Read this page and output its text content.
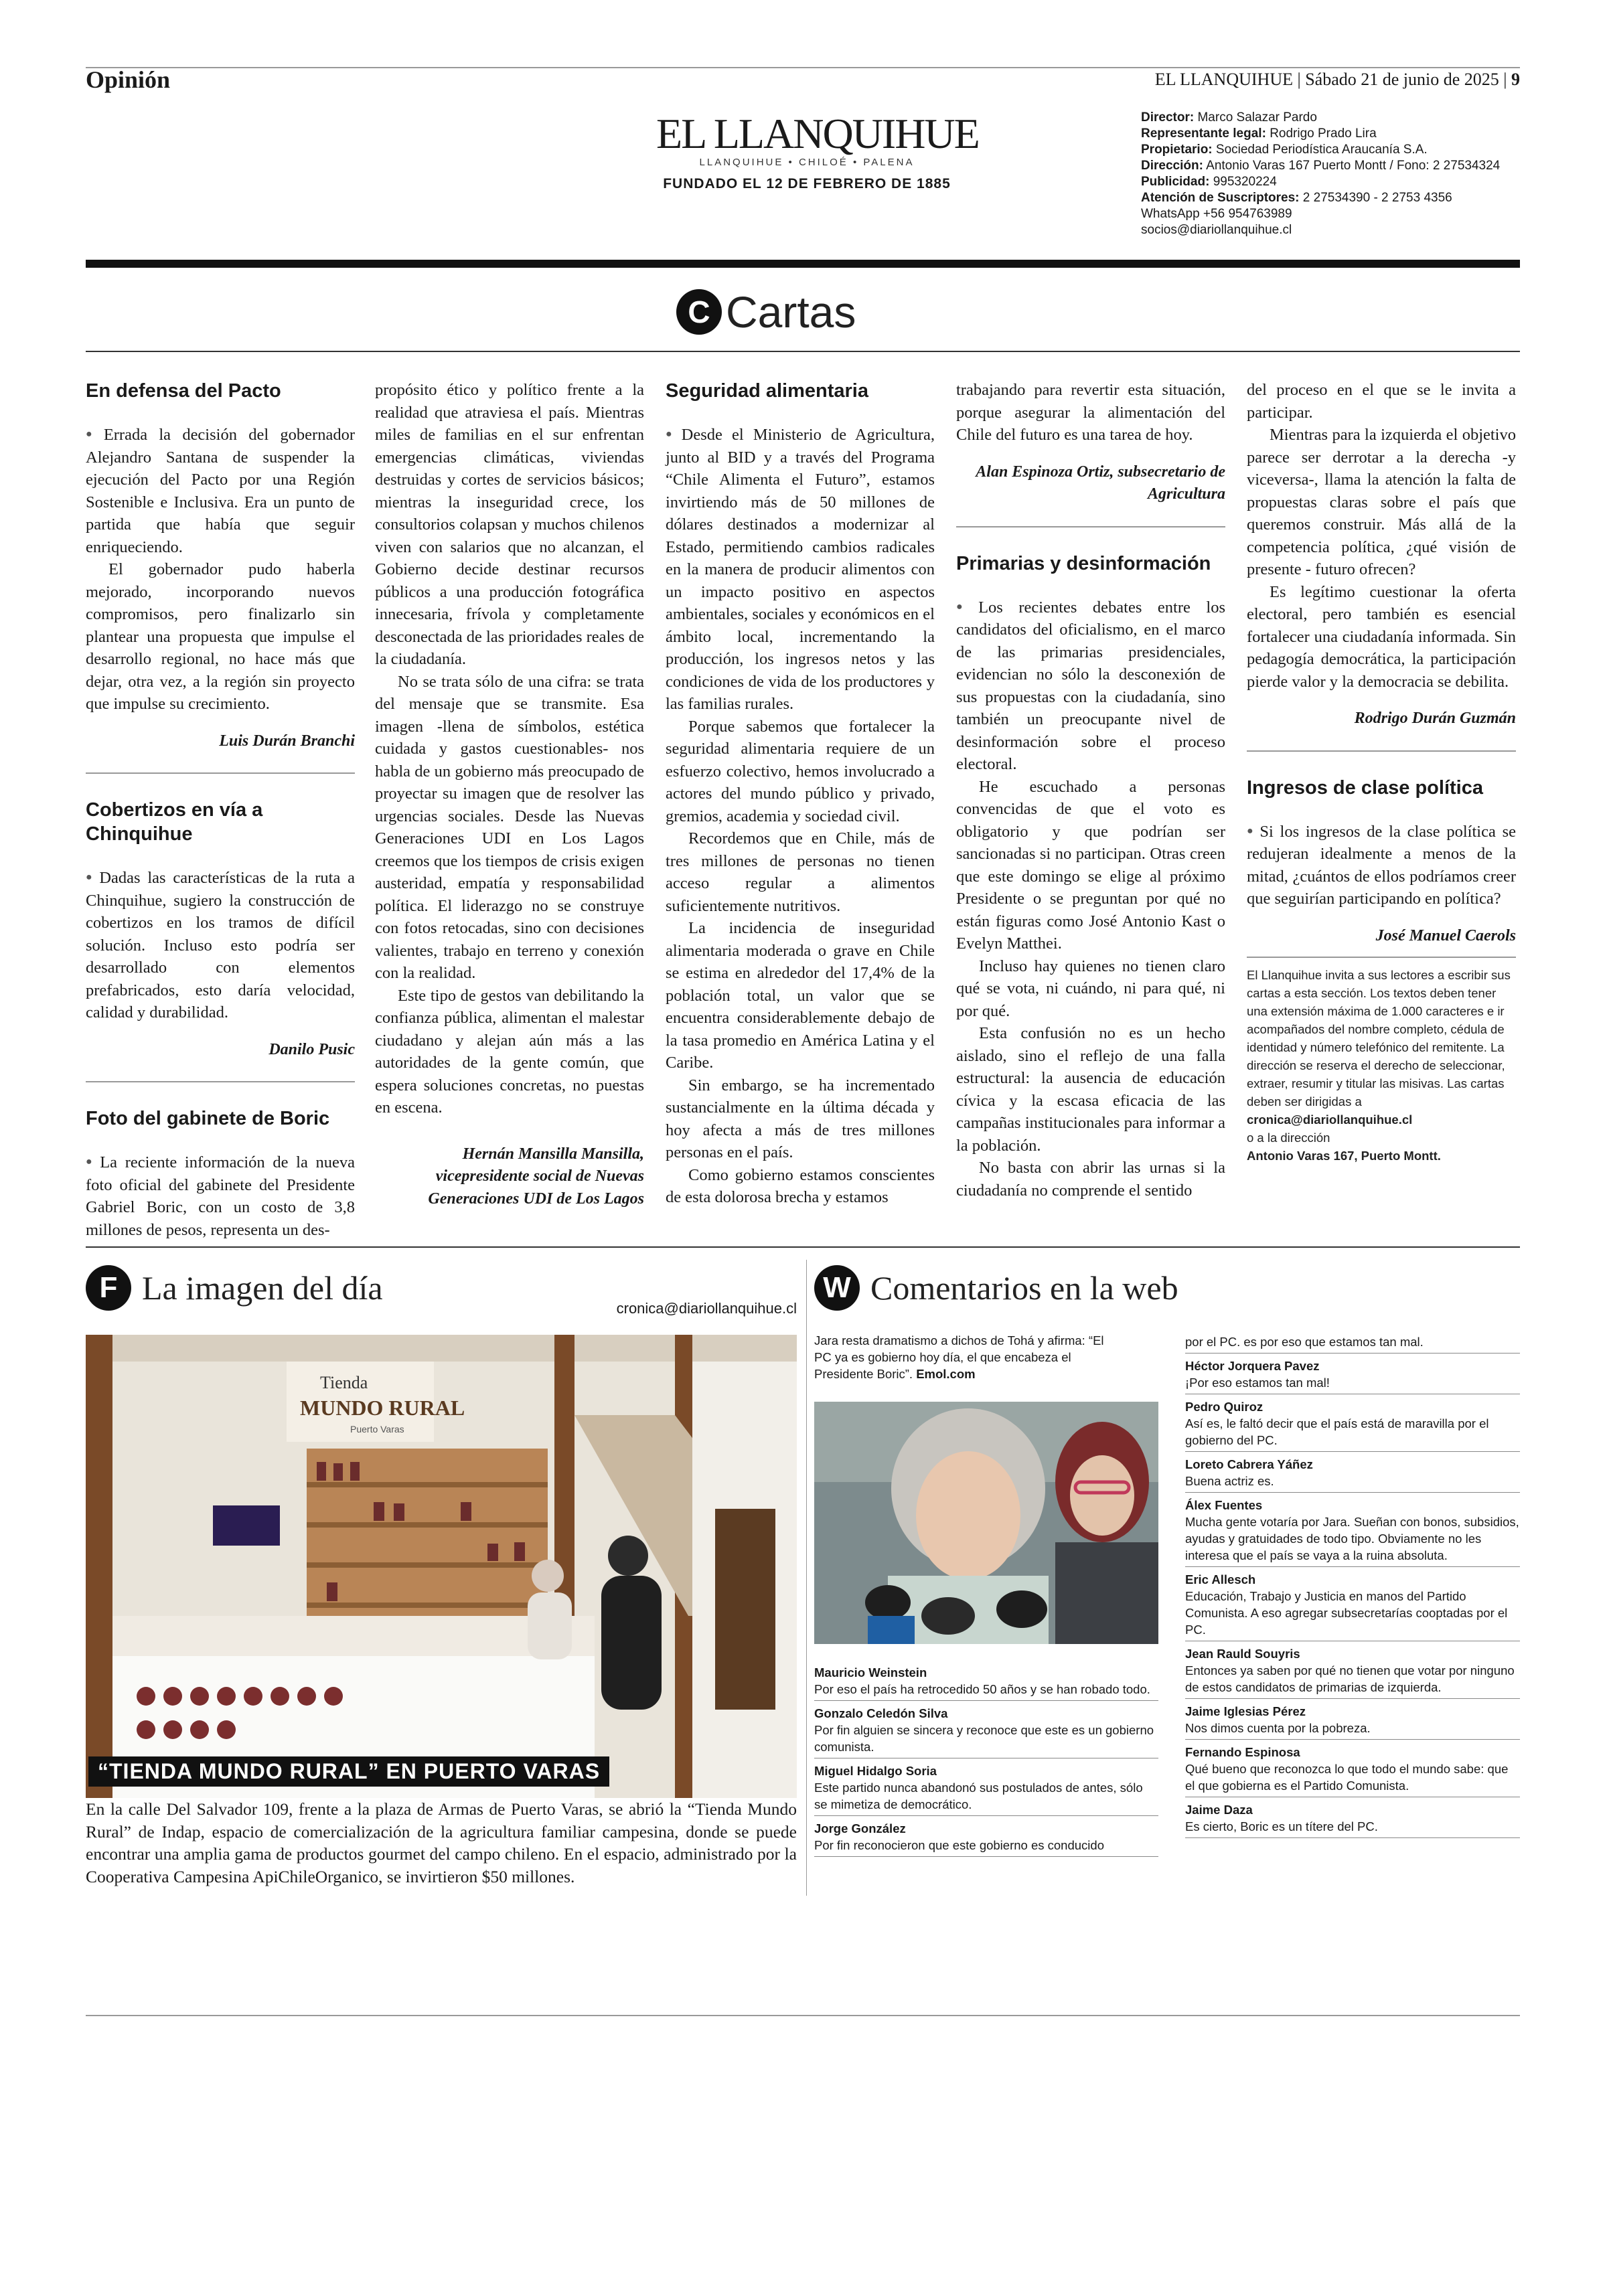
Opinión	EL LLANQUIHUE | Sábado 21 de junio de 2025 | 9
EL LLANQUIHUE
LLANQUIHUE • CHILOÉ • PALENA
FUNDADO EL 12 DE FEBRERO DE 1885
Director: Marco Salazar Pardo
Representante legal: Rodrigo Prado Lira
Propietario: Sociedad Periodística Araucanía S.A.
Dirección: Antonio Varas 167 Puerto Montt / Fono: 2 27534324
Publicidad: 995320224
Atención de Suscriptores: 2 27534390 - 2 2753 4356
WhatsApp +56 954763989
socios@diariollanquihue.cl
C Cartas
En defensa del Pacto

● Errada la decisión del gobernador Alejandro Santana de suspender la ejecución del Pacto por una Región Sostenible e Inclusiva. Era un punto de partida que había que seguir enriqueciendo.

El gobernador pudo haberla mejorado, incorporando nuevos compromisos, pero finalizarlo sin plantear una propuesta que impulse el desarrollo regional, no hace más que dejar, otra vez, a la región sin proyecto que impulse su crecimiento.

Luis Durán Branchi
Cobertizos en vía a Chinquihue

● Dadas las características de la ruta a Chinquihue, sugiero la construcción de cobertizos en los tramos de difícil solución. Incluso esto podría ser desarrollado con elementos prefabricados, esto daría velocidad, calidad y durabilidad.

Danilo Pusic
Foto del gabinete de Boric

● La reciente información de la nueva foto oficial del gabinete del Presidente Gabriel Boric, con un costo de 3,8 millones de pesos, representa un des-

propósito ético y político frente a la realidad que atraviesa el país. Mientras miles de familias en el sur enfrentan emergencias climáticas, viviendas destruidas y cortes de servicios básicos; mientras la inseguridad crece, los consultorios colapsan y muchos chilenos viven con salarios que no alcanzan, el Gobierno decide destinar recursos públicos a una producción fotográfica innecesaria, frívola y completamente desconectada de las prioridades reales de la ciudadanía.

No se trata sólo de una cifra: se trata del mensaje que se transmite. Esa imagen -llena de símbolos, estética cuidada y gastos cuestionables- nos habla de un gobierno más preocupado de proyectar su imagen que de resolver las urgencias sociales. Desde las Nuevas Generaciones UDI en Los Lagos creemos que los tiempos de crisis exigen austeridad, empatía y responsabilidad política. El liderazgo no se construye con fotos retocadas, sino con decisiones valientes, trabajo en terreno y conexión con la realidad.

Este tipo de gestos van debilitando la confianza pública, alimentan el malestar ciudadano y alejan aún más a las autoridades de la gente común, que espera soluciones concretas, no puestas en escena.

Hernán Mansilla Mansilla, vicepresidente social de Nuevas Generaciones UDI de Los Lagos
Seguridad alimentaria

● Desde el Ministerio de Agricultura, junto al BID y a través del Programa “Chile Alimenta el Futuro”, estamos invirtiendo más de 50 millones de dólares destinados a modernizar al Estado, permitiendo cambios radicales en la manera de producir alimentos con un impacto positivo en aspectos ambientales, sociales y económicos en el ámbito local, incrementando la producción, los ingresos netos y las condiciones de vida de los productores y las familias rurales.

Porque sabemos que fortalecer la seguridad alimentaria requiere de un esfuerzo colectivo, hemos involucrado a actores del mundo público y privado, gremios, academia y sociedad civil.

Recordemos que en Chile, más de tres millones de personas no tienen acceso regular a alimentos suficientemente nutritivos.

La incidencia de inseguridad alimentaria moderada o grave en Chile se estima en alrededor del 17,4% de la población total, un valor que se encuentra considerablemente debajo de la tasa promedio en América Latina y el Caribe.

Sin embargo, se ha incrementado sustancialmente en la última década y hoy afecta a más de tres millones personas en el país.

Como gobierno estamos conscientes de esta dolorosa brecha y estamos

trabajando para revertir esta situación, porque asegurar la alimentación del Chile del futuro es una tarea de hoy.

Alan Espinoza Ortiz, subsecretario de Agricultura
Primarias y desinformación

● Los recientes debates entre los candidatos del oficialismo, en el marco de las primarias presidenciales, evidencian no sólo la desconexión de sus propuestas con la ciudadanía, sino también un preocupante nivel de desinformación sobre el proceso electoral.

He escuchado a personas convencidas de que el voto es obligatorio y que podrían ser sancionadas si no participan. Otras creen que este domingo se elige al próximo Presidente o se preguntan por qué no están figuras como José Antonio Kast o Evelyn Matthei.

Incluso hay quienes no tienen claro qué se vota, ni cuándo, ni para qué, ni por qué.

Esta confusión no es un hecho aislado, sino el reflejo de una falla estructural: la ausencia de educación cívica y la escasa eficacia de las campañas institucionales para informar a la población.

No basta con abrir las urnas si la ciudadanía no comprende el sentido

del proceso en el que se le invita a participar.

Mientras para la izquierda el objetivo parece ser derrotar a la derecha -y viceversa-, llama la atención la falta de propuestas claras sobre el país que queremos construir. Más allá de la competencia política, ¿qué visión de presente - futuro ofrecen?

Es legítimo cuestionar la oferta electoral, pero también es esencial fortalecer una ciudadanía informada. Sin pedagogía democrática, la participación pierde valor y la democracia se debilita.

Rodrigo Durán Guzmán
Ingresos de clase política

● Si los ingresos de la clase política se redujeran idealmente a menos de la mitad, ¿cuántos de ellos podríamos creer que seguirían participando en política?

José Manuel Caerols
El Llanquihue invita a sus lectores a escribir sus cartas a esta sección. Los textos deben tener una extensión máxima de 1.000 caracteres e ir acompañados del nombre completo, cédula de identidad y número telefónico del remitente. La dirección se reserva el derecho de seleccionar, extraer, resumir y titular las misivas. Las cartas deben ser dirigidas a
cronica@diariollanquihue.cl
o a la dirección
Antonio Varas 167, Puerto Montt.
F La imagen del día
cronica@diariollanquihue.cl
Tienda
MUNDO RURAL
Puerto Varas
“TIENDA MUNDO RURAL” EN PUERTO VARAS
En la calle Del Salvador 109, frente a la plaza de Armas de Puerto Varas, se abrió la “Tienda Mundo Rural” de Indap, espacio de comercialización de la agricultura familiar campesina, donde se puede encontrar una amplia gama de productos gourmet del campo chileno. En el espacio, administrado por la Cooperativa Campesina ApiChileOrganico, se invirtieron $50 millones.
W Comentarios en la web
Jara resta dramatismo a dichos de Tohá y afirma: “El PC ya es gobierno hoy día, el que encabeza el Presidente Boric”. Emol.com
Mauricio Weinstein
Por eso el país ha retrocedido 50 años y se han robado todo.
Gonzalo Celedón Silva
Por fin alguien se sincera y reconoce que este es un gobierno comunista.
Miguel Hidalgo Soria
Este partido nunca abandonó sus postulados de antes, sólo se mimetiza de democrático.
Jorge González
Por fin reconocieron que este gobierno es conducido
por el PC. es por eso que estamos tan mal.
Héctor Jorquera Pavez
¡Por eso estamos tan mal!
Pedro Quiroz
Así es, le faltó decir que el país está de maravilla por el gobierno del PC.
Loreto Cabrera Yáñez
Buena actriz es.
Álex Fuentes
Mucha gente votaría por Jara. Sueñan con bonos, subsidios, ayudas y gratuidades de todo tipo. Obviamente no les interesa que el país se vaya a la ruina absoluta.
Eric Allesch
Educación, Trabajo y Justicia en manos del Partido Comunista. A eso agregar subsecretarías cooptadas por el PC.
Jean Rauld Souyris
Entonces ya saben por qué no tienen que votar por ninguno de estos candidatos de primarias de izquierda.
Jaime Iglesias Pérez
Nos dimos cuenta por la pobreza.
Fernando Espinosa
Qué bueno que reconozca lo que todo el mundo sabe: que el que gobierna es el Partido Comunista.
Jaime Daza
Es cierto, Boric es un títere del PC.
